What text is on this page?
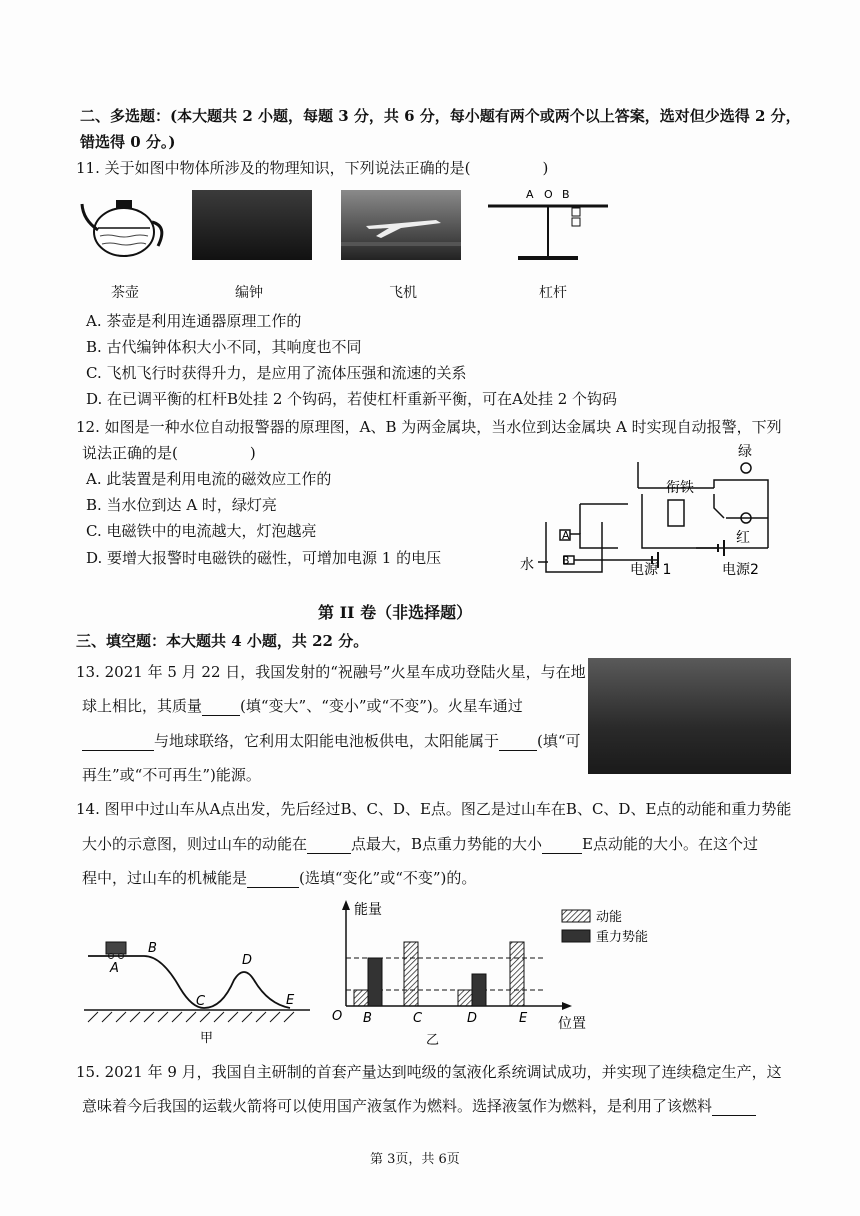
二、多选题：(本大题共 2 小题，每题 3 分，共 6 分，每小题有两个或两个以上答案，选对但少选得 2 分，
错选得 0 分。)
11. 关于如图中物体所涉及的物理知识，下列说法正确的是(	)
A O B
茶壶	编钟	飞机	杠杆
A. 茶壶是利用连通器原理工作的
B. 古代编钟体积大小不同，其响度也不同
C. 飞机飞行时获得升力，是应用了流体压强和流速的关系
D. 在已调平衡的杠杆B处挂 2 个钩码，若使杠杆重新平衡，可在A处挂 2 个钩码
12. 如图是一种水位自动报警器的原理图，A、B 为两金属块，当水位到达金属块 A 时实现自动报警，下列
说法正确的是(	)
A. 此装置是利用电流的磁效应工作的
B. 当水位到达 A 时，绿灯亮
C. 电磁铁中的电流越大，灯泡越亮
D. 要增大报警时电磁铁的磁性，可增加电源 1 的电压
绿
红
衔铁
A
B
水	电源 1	电源2
第 II 卷（非选择题）
三、填空题：本大题共 4 小题，共 22 分。
13. 2021 年 5 月 22 日，我国发射的“祝融号”火星车成功登陆火星，与在地
球上相比，其质量	(填“变大”、“变小”或“不变”)。火星车通过
与地球联络，它利用太阳能电池板供电，太阳能属于	(填“可
再生”或“不可再生”)能源。
14. 图甲中过山车从A点出发，先后经过B、C、D、E点。图乙是过山车在B、C、D、E点的动能和重力势能
大小的示意图，则过山车的动能在	点最大，B点重力势能的大小	E点动能的大小。在这个过
程中，过山车的机械能是	(选填“变化”或“不变”)的。
A
B
C
D
E
甲
B	C	D	E
能量
位置
O
乙
动能
重力势能
15. 2021 年 9 月，我国自主研制的首套产量达到吨级的氢液化系统调试成功，并实现了连续稳定生产，这
意味着今后我国的运载火箭将可以使用国产液氢作为燃料。选择液氢作为燃料，是利用了该燃料
第 3页，共 6页
